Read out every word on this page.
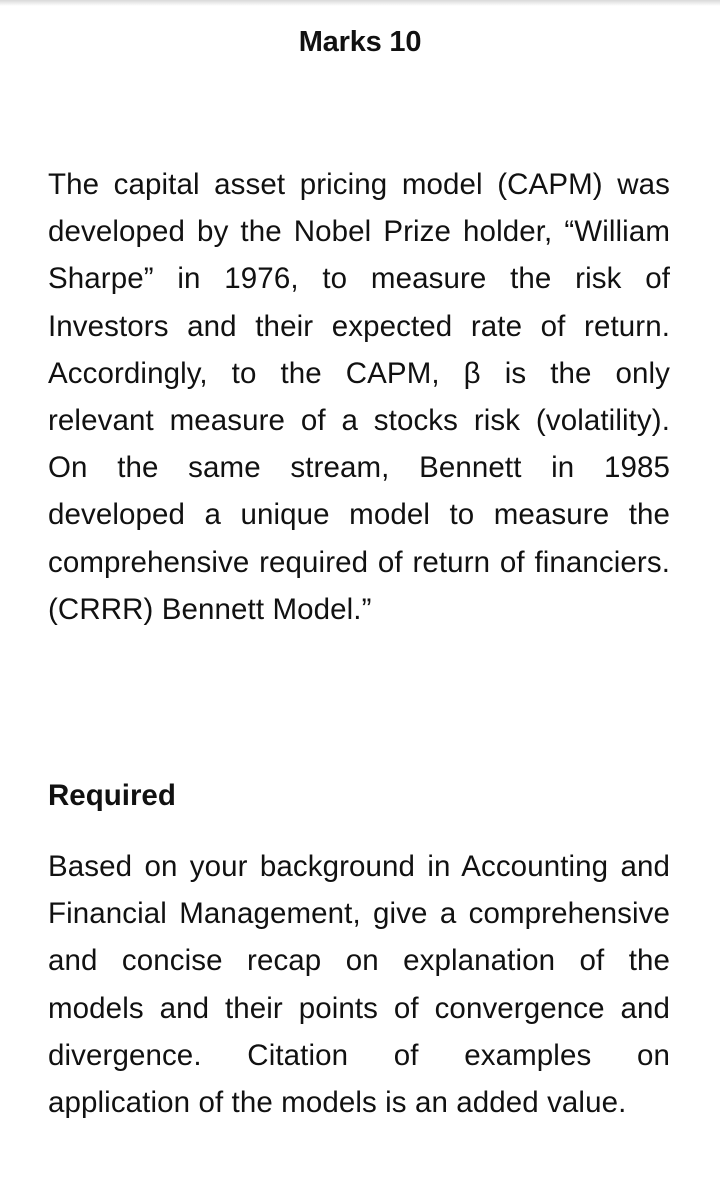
Marks 10

The capital asset pricing model (CAPM) was developed by the Nobel Prize holder, “William Sharpe” in 1976, to measure the risk of Investors and their expected rate of return. Accordingly, to the CAPM, β is the only relevant measure of a stocks risk (volatility). On the same stream, Bennett in 1985 developed a unique model to measure the comprehensive required of return of financiers. (CRRR) Bennett Model.”

Required

Based on your background in Accounting and Financial Management, give a comprehensive and concise recap on explanation of the models and their points of convergence and divergence. Citation of examples on application of the models is an added value.
